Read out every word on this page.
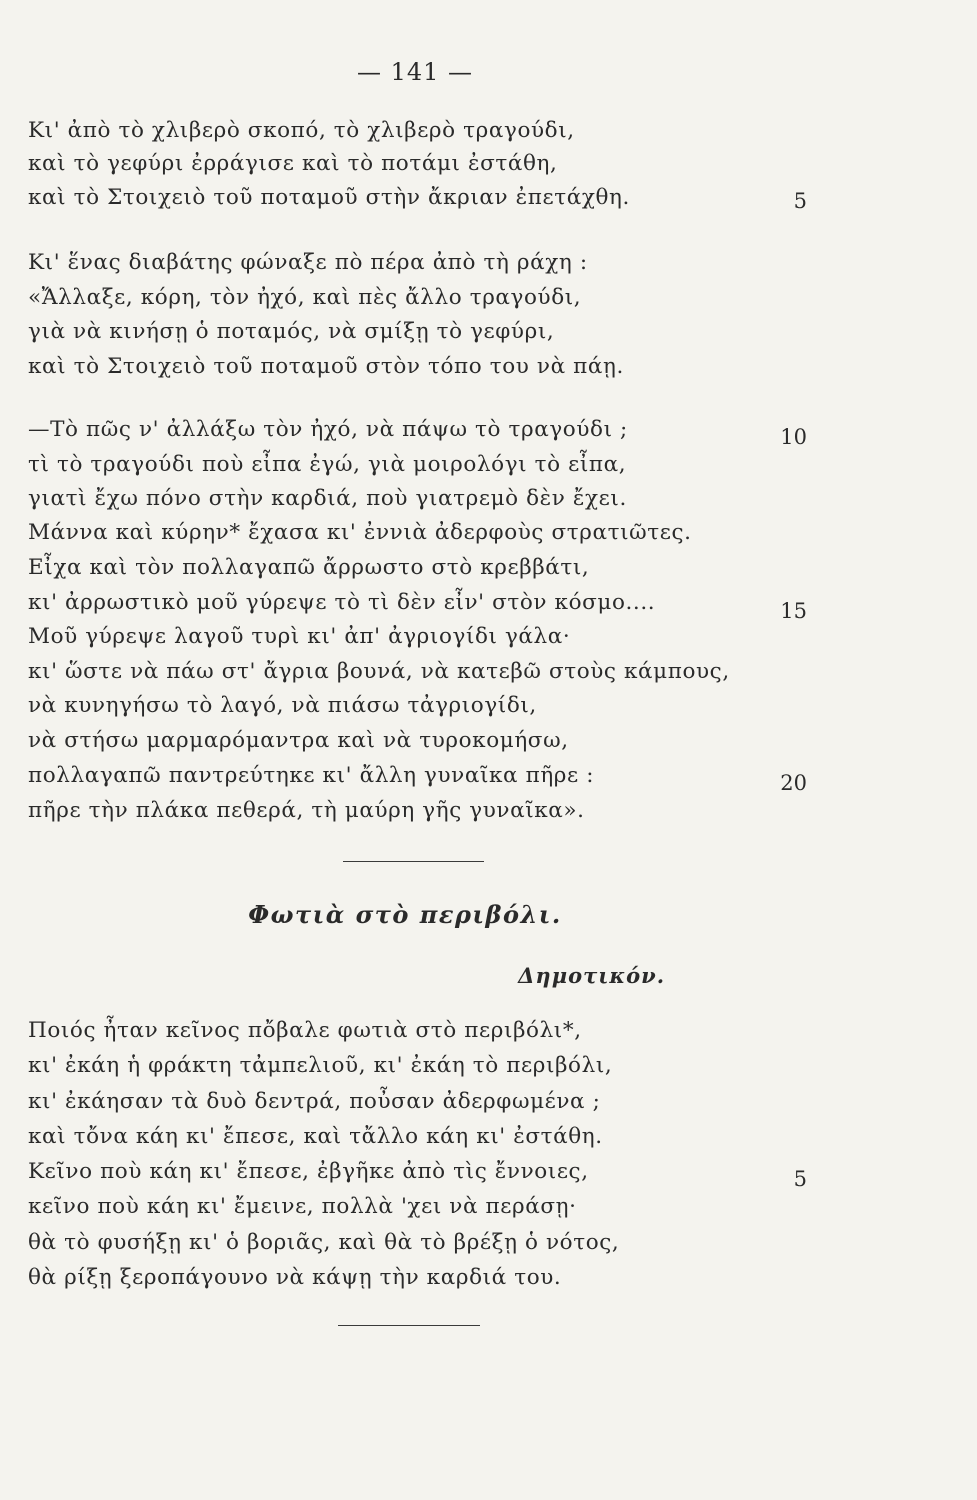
— 141 —
Κι' ἀπὸ τὸ χλιβερὸ σκοπό, τὸ χλιβερὸ τραγούδι,
καὶ τὸ γεφύρι ἐρράγισε καὶ τὸ ποτάμι ἐστάθη,
καὶ τὸ Στοιχειὸ τοῦ ποταμοῦ στὴν ἄκριαν ἐπετάχθη.	5
Κι' ἕνας διαβάτης φώναξε πὸ πέρα ἀπὸ τὴ ράχη :
«Ἄλλαξε, κόρη, τὸν ἠχό, καὶ πὲς ἄλλο τραγούδι,
γιὰ νὰ κινήσῃ ὁ ποταμός, νὰ σμίξῃ τὸ γεφύρι,
καὶ τὸ Στοιχειὸ τοῦ ποταμοῦ στὸν τόπο του νὰ πάῃ.
—Τὸ πῶς ν' ἀλλάξω τὸν ἠχό, νὰ πάψω τὸ τραγούδι ;	10
τὶ τὸ τραγούδι ποὺ εἶπα ἐγώ, γιὰ μοιρολόγι τὸ εἶπα,
γιατὶ ἔχω πόνο στὴν καρδιά, ποὺ γιατρεμὸ δὲν ἔχει.
Μάννα καὶ κύρην* ἔχασα κι' ἐννιὰ ἀδερφοὺς στρατιῶτες.
Εἶχα καὶ τὸν πολλαγαπῶ ἄρρωστο στὸ κρεββάτι,
κι' ἀρρωστικὸ μοῦ γύρεψε τὸ τὶ δὲν εἶν' στὸν κόσμο....	15
Μοῦ γύρεψε λαγοῦ τυρὶ κι' ἀπ' ἀγριογίδι γάλα·
κι' ὥστε νὰ πάω στ' ἄγρια βουνά, νὰ κατεβῶ στοὺς κάμπους,
νὰ κυνηγήσω τὸ λαγό, νὰ πιάσω τἀγριογίδι,
νὰ στήσω μαρμαρόμαντρα καὶ νὰ τυροκομήσω,
πολλαγαπῶ παντρεύτηκε κι' ἄλλη γυναῖκα πῆρε :	20
πῆρε τὴν πλάκα πεθερά, τὴ μαύρη γῆς γυναῖκα».
Φωτιὰ στὸ περιβόλι.
Δημοτικόν.
Ποιός ἦταν κεῖνος πὄβαλε φωτιὰ στὸ περιβόλι*,
κι' ἐκάη ἡ φράκτη τἀμπελιοῦ, κι' ἐκάη τὸ περιβόλι,
κι' ἐκάησαν τὰ δυὸ δεντρά, ποὖσαν ἀδερφωμένα ;
καὶ τὄνα κάη κι' ἔπεσε, καὶ τἄλλο κάη κι' ἐστάθη.
Κεῖνο ποὺ κάη κι' ἔπεσε, ἐβγῆκε ἀπὸ τὶς ἔννοιες,	5
κεῖνο ποὺ κάη κι' ἔμεινε, πολλὰ 'χει νὰ περάσῃ·
θὰ τὸ φυσήξῃ κι' ὁ βοριᾶς, καὶ θὰ τὸ βρέξῃ ὁ νότος,
θὰ ρίξῃ ξεροπάγουνο νὰ κάψῃ τὴν καρδιά του.
